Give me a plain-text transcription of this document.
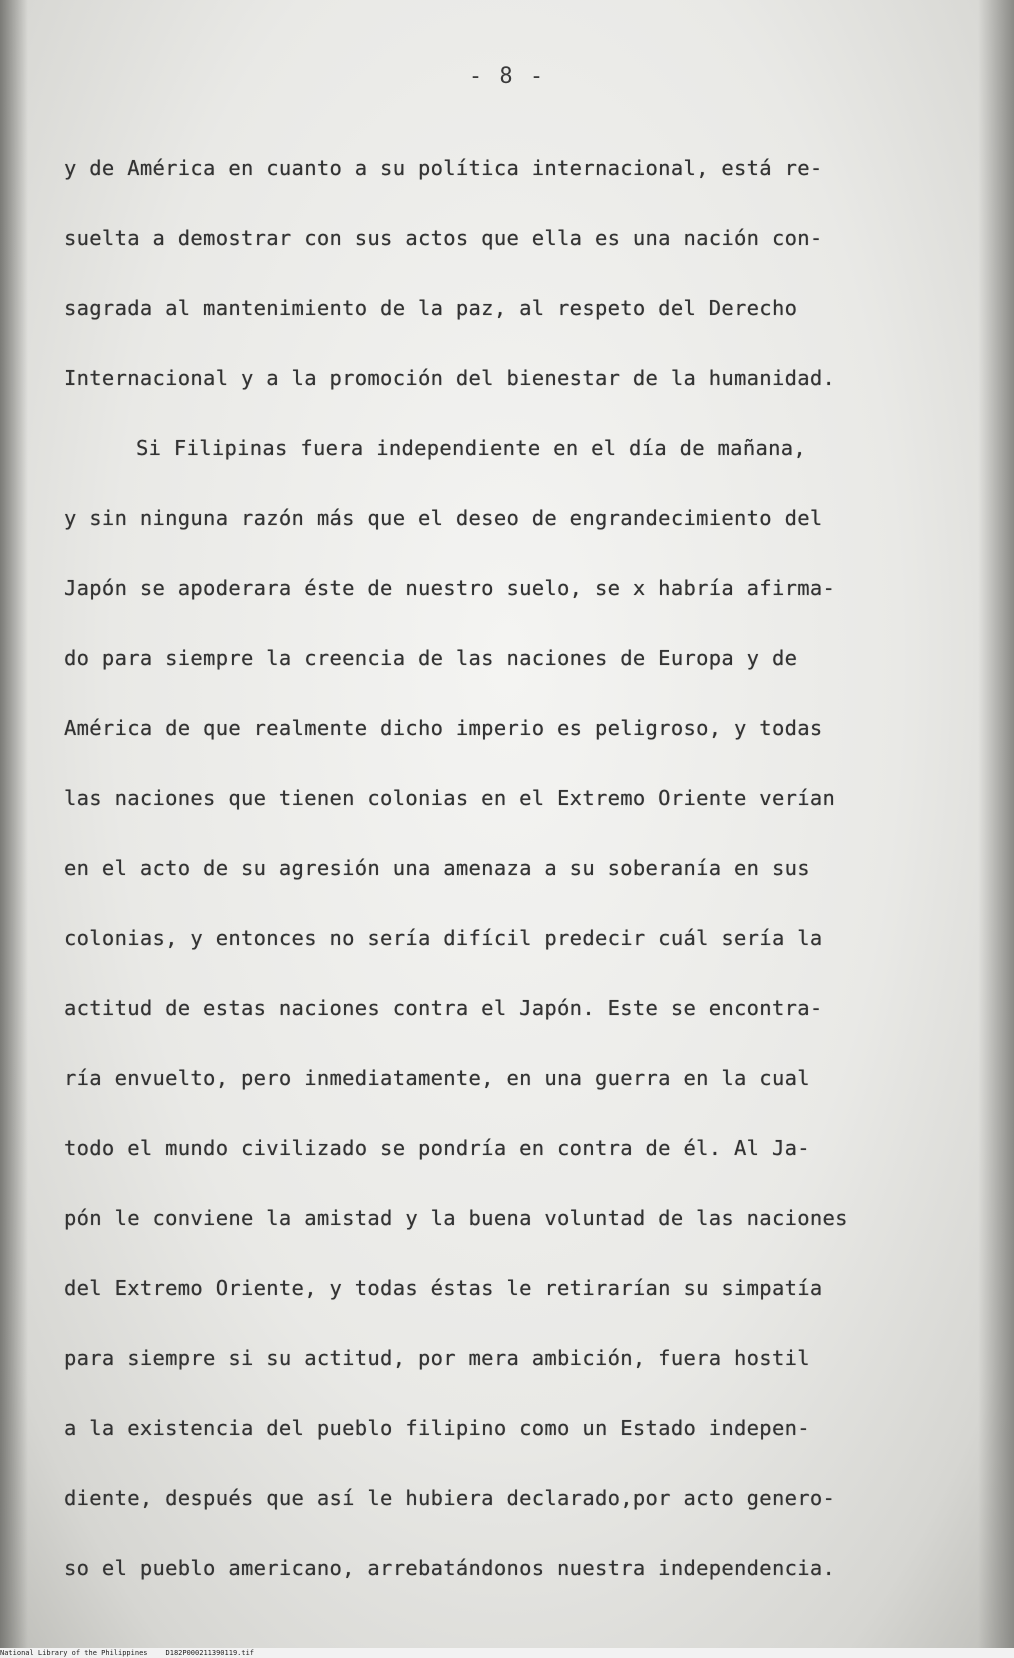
- 8 -
y de América en cuanto a su política internacional, está re-
suelta a demostrar con sus actos que ella es una nación con-
sagrada al mantenimiento de la paz, al respeto del Derecho
Internacional y a la promoción del bienestar de la humanidad.
Si Filipinas fuera independiente en el día de mañana,
y sin ninguna razón más que el deseo de engrandecimiento del
Japón se apoderara éste de nuestro suelo, se x habría afirma-
do para siempre la creencia de las naciones de Europa y de
América de que realmente dicho imperio es peligroso, y todas
las naciones que tienen colonias en el Extremo Oriente verían
en el acto de su agresión una amenaza a su soberanía en sus
colonias, y entonces no sería difícil predecir cuál sería la
actitud de estas naciones contra el Japón. Este se encontra-
ría envuelto, pero inmediatamente, en una guerra en la cual
todo el mundo civilizado se pondría en contra de él. Al Ja-
pón le conviene la amistad y la buena voluntad de las naciones
del Extremo Oriente, y todas éstas le retirarían su simpatía
para siempre si su actitud, por mera ambición, fuera hostil
a la existencia del pueblo filipino como un Estado indepen-
diente, después que así le hubiera declarado,por acto genero-
so el pueblo americano, arrebatándonos nuestra independencia.
National Library of the Philippines	D182P000211390119.tif
